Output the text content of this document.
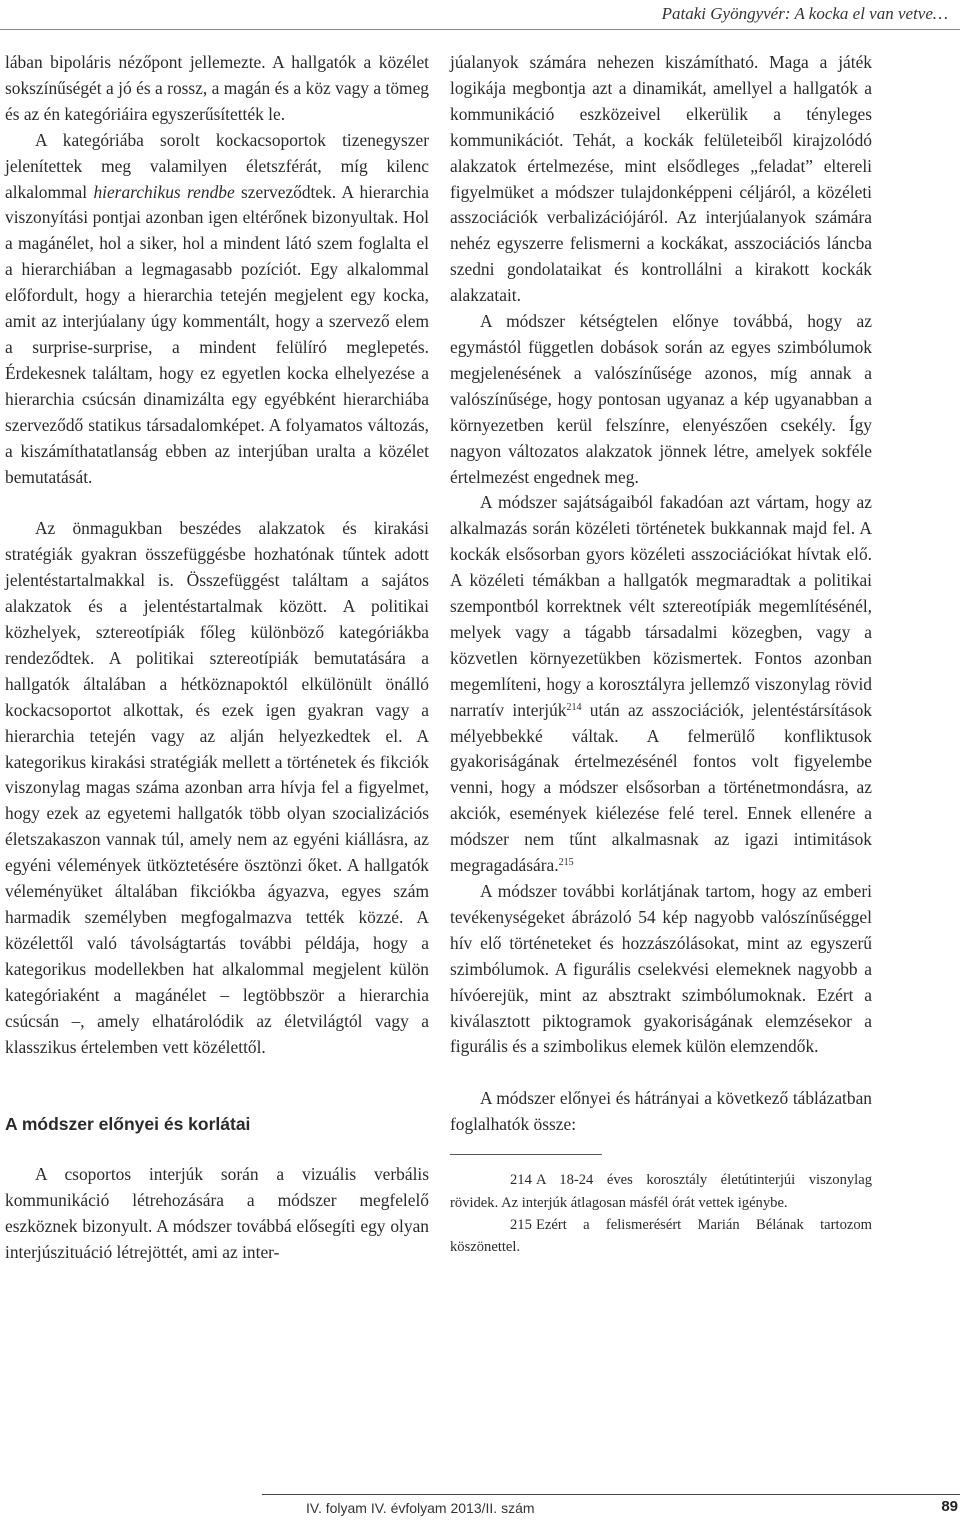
Pataki Gyöngyvér: A kocka el van vetve…

lában bipoláris nézőpont jellemezte. A hallgatók a közélet sokszínűségét a jó és a rossz, a magán és a köz vagy a tömeg és az én kategóriáira egyszerűsítették le.

A kategóriába sorolt kockacsoportok tizenegyszer jelenítettek meg valamilyen életszférát, míg kilenc alkalommal hierarchikus rendbe szerveződtek. A hierarchia viszonyítási pontjai azonban igen eltérőnek bizonyultak. Hol a magánélet, hol a siker, hol a mindent látó szem foglalta el a hierarchiában a legmagasabb pozíciót. Egy alkalommal előfordult, hogy a hierarchia tetején megjelent egy kocka, amit az interjúalany úgy kommentált, hogy a szervező elem a surprise-surprise, a mindent felülíró meglepetés. Érdekesnek találtam, hogy ez egyetlen kocka elhelyezése a hierarchia csúcsán dinamizálta egy egyébként hierarchiába szerveződő statikus társadalomképet. A folyamatos változás, a kiszámíthatatlanság ebben az interjúban uralta a közélet bemutatását.

Az önmagukban beszédes alakzatok és kirakási stratégiák gyakran összefüggésbe hozhatónak tűntek adott jelentéstartalmakkal is. Összefüggést találtam a sajátos alakzatok és a jelentéstartalmak között. A politikai közhelyek, sztereotípiák főleg különböző kategóriákba rendeződtek. A politikai sztereotípiák bemutatására a hallgatók általában a hétköznapoktól elkülönült önálló kockacsoportot alkottak, és ezek igen gyakran vagy a hierarchia tetején vagy az alján helyezkedtek el. A kategorikus kirakási stratégiák mellett a történetek és fikciók viszonylag magas száma azonban arra hívja fel a figyelmet, hogy ezek az egyetemi hallgatók több olyan szocializációs életszakaszon vannak túl, amely nem az egyéni kiállásra, az egyéni vélemények ütköztetésére ösztönzi őket. A hallgatók véleményüket általában fikciókba ágyazva, egyes szám harmadik személyben megfogalmazva tették közzé. A közélettől való távolságtartás további példája, hogy a kategorikus modellekben hat alkalommal megjelent külön kategóriaként a magánélet – legtöbbször a hierarchia csúcsán –, amely elhatárolódik az életvilágtól vagy a klasszikus értelemben vett közélettől.

A módszer előnyei és korlátai

A csoportos interjúk során a vizuális verbális kommunikáció létrehozására a módszer megfelelő eszköznek bizonyult. A módszer továbbá elősegíti egy olyan interjúszituáció létrejöttét, ami az inter-

júalanyok számára nehezen kiszámítható. Maga a játék logikája megbontja azt a dinamikát, amellyel a hallgatók a kommunikáció eszközeivel elkerülik a tényleges kommunikációt. Tehát, a kockák felületeiből kirajzolódó alakzatok értelmezése, mint elsődleges „feladat” eltereli figyelmüket a módszer tulajdonképpeni céljáról, a közéleti asszociációk verbalizációjáról. Az interjúalanyok számára nehéz egyszerre felismerni a kockákat, asszociációs láncba szedni gondolataikat és kontrollálni a kirakott kockák alakzatait.

A módszer kétségtelen előnye továbbá, hogy az egymástól független dobások során az egyes szimbólumok megjelenésének a valószínűsége azonos, míg annak a valószínűsége, hogy pontosan ugyanaz a kép ugyanabban a környezetben kerül felszínre, elenyészően csekély. Így nagyon változatos alakzatok jönnek létre, amelyek sokféle értelmezést engednek meg.

A módszer sajátságaiból fakadóan azt vártam, hogy az alkalmazás során közéleti történetek bukkannak majd fel. A kockák elsősorban gyors közéleti asszociációkat hívtak elő. A közéleti témákban a hallgatók megmaradtak a politikai szempontból korrektnek vélt sztereotípiák megemlítésénél, melyek vagy a tágabb társadalmi közegben, vagy a közvetlen környezetükben közismertek. Fontos azonban megemlíteni, hogy a korosztályra jellemző viszonylag rövid narratív interjúk$^{214}$ után az asszociációk, jelentéstársítások mélyebbekké váltak. A felmerülő konfliktusok gyakoriságának értelmezésénél fontos volt figyelembe venni, hogy a módszer elsősorban a történetmondásra, az akciók, események kiélezése felé terel. Ennek ellenére a módszer nem tűnt alkalmasnak az igazi intimitások megragadására.$^{215}$

A módszer további korlátjának tartom, hogy az emberi tevékenységeket ábrázoló 54 kép nagyobb valószínűséggel hív elő történeteket és hozzászólásokat, mint az egyszerű szimbólumok. A figurális cselekvési elemeknek nagyobb a hívóerejük, mint az absztrakt szimbólumoknak. Ezért a kiválasztott piktogramok gyakoriságának elemzésekor a figurális és a szimbolikus elemek külön elemzendők.

A módszer előnyei és hátrányai a következő táblázatban foglalhatók össze:

214 A 18-24 éves korosztály életútinterjúi viszonylag rövidek. Az interjúk átlagosan másfél órát vettek igénybe.

215 Ezért a felismerésért Marián Bélának tartozom köszönettel.

IV. folyam IV. évfolyam 2013/II. szám	89
